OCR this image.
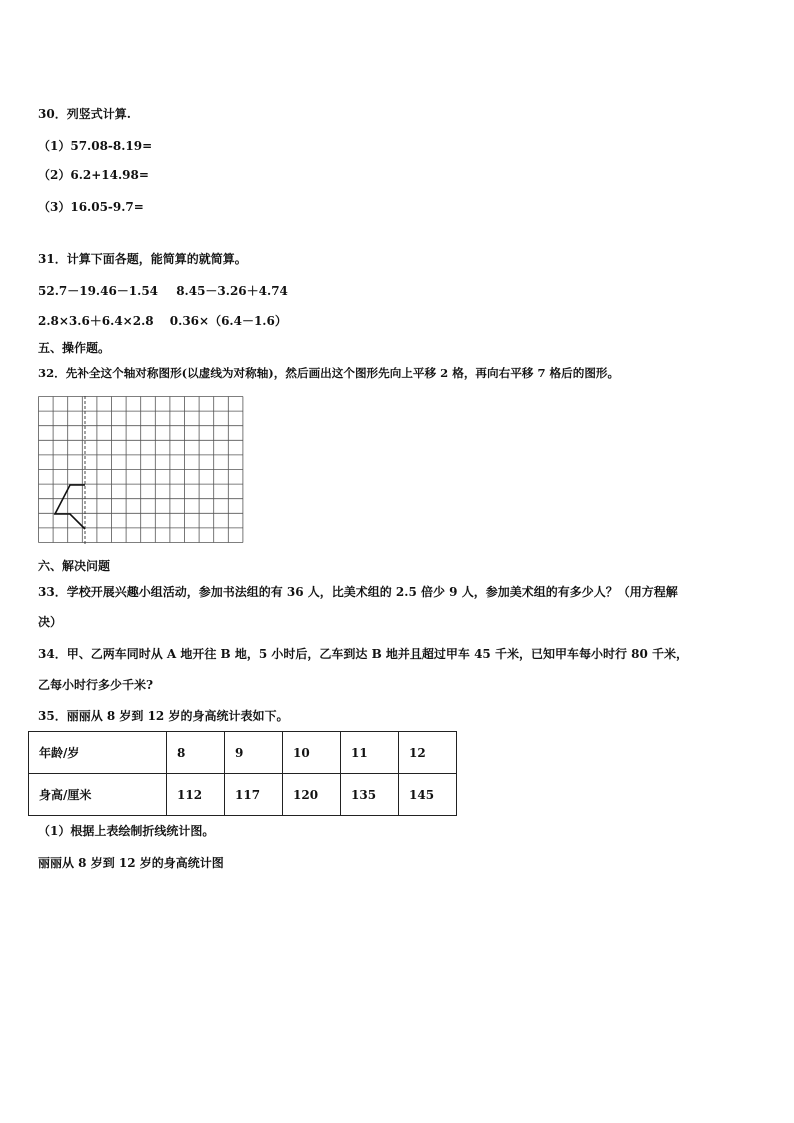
30．列竖式计算.
（1）57.08-8.19=
（2）6.2+14.98=
（3）16.05-9.7=
31．计算下面各题，能简算的就简算。
52.7－19.46－1.54　 8.45－3.26＋4.74
2.8×3.6＋6.4×2.8　 0.36×（6.4－1.6）
五、操作题。
32．先补全这个轴对称图形(以虚线为对称轴)，然后画出这个图形先向上平移 2 格，再向右平移 7 格后的图形。
六、解决问题
33．学校开展兴趣小组活动，参加书法组的有 36 人，比美术组的 2.5 倍少 9 人，参加美术组的有多少人？（用方程解
决）
34．甲、乙两车同时从 A 地开往 B 地，5 小时后，乙车到达 B 地并且超过甲车 45 千米，已知甲车每小时行 80 千米，
乙每小时行多少千米?
35．丽丽从 8 岁到 12 岁的身高统计表如下。
年龄/岁	8	9	10	11	12
身高/厘米	112	117	120	135	145
（1）根据上表绘制折线统计图。
丽丽从 8 岁到 12 岁的身高统计图
